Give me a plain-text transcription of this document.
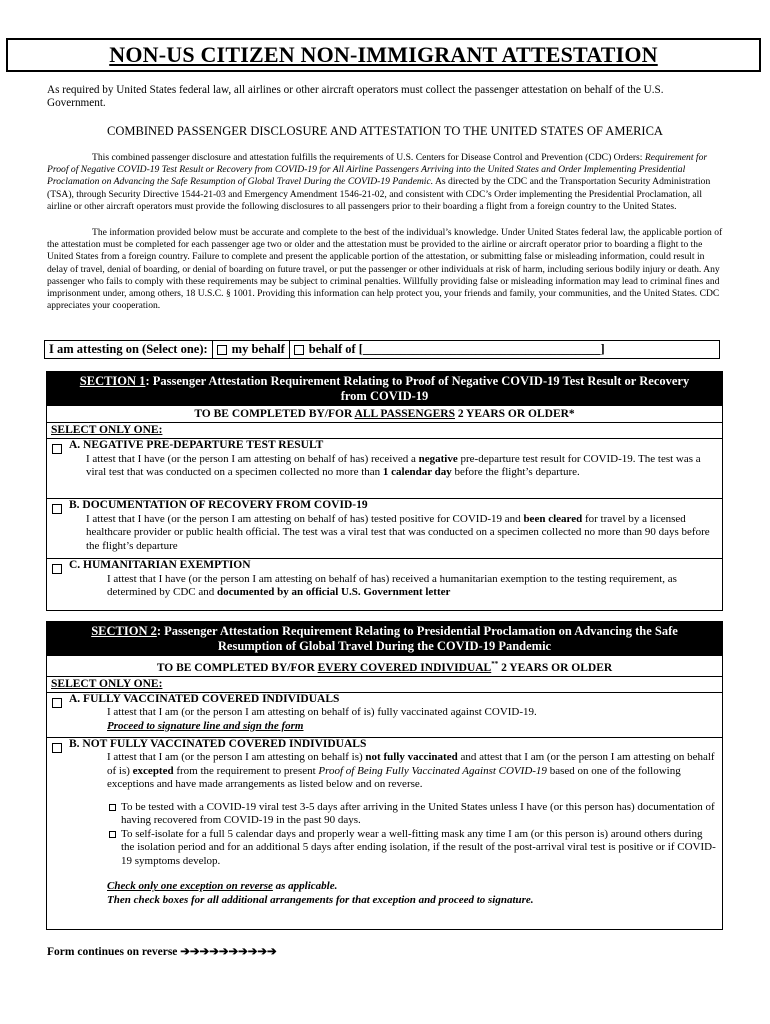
NON-US CITIZEN NON-IMMIGRANT ATTESTATION
As required by United States federal law, all airlines or other aircraft operators must collect the passenger attestation on behalf of the U.S. Government.
COMBINED PASSENGER DISCLOSURE AND ATTESTATION TO THE UNITED STATES OF AMERICA
This combined passenger disclosure and attestation fulfills the requirements of U.S. Centers for Disease Control and Prevention (CDC) Orders: Requirement for Proof of Negative COVID-19 Test Result or Recovery from COVID-19 for All Airline Passengers Arriving into the United States and Order Implementing Presidential Proclamation on Advancing the Safe Resumption of Global Travel During the COVID-19 Pandemic. As directed by the CDC and the Transportation Security Administration (TSA), through Security Directive 1544-21-03 and Emergency Amendment 1546-21-02, and consistent with CDC’s Order implementing the Presidential Proclamation, all airline or other aircraft operators must provide the following disclosures to all passengers prior to their boarding a flight from a foreign country to the United States.
The information provided below must be accurate and complete to the best of the individual’s knowledge. Under United States federal law, the applicable portion of the attestation must be completed for each passenger age two or older and the attestation must be provided to the airline or aircraft operator prior to boarding a flight to the United States from a foreign country. Failure to complete and present the applicable portion of the attestation, or submitting false or misleading information, could result in delay of travel, denial of boarding, or denial of boarding on future travel, or put the passenger or other individuals at risk of harm, including serious bodily injury or death. Any passenger who fails to comply with these requirements may be subject to criminal penalties. Willfully providing false or misleading information may lead to criminal fines and imprisonment under, among others, 18 U.S.C. § 1001. Providing this information can help protect you, your friends and family, your communities, and the United States. CDC appreciates your cooperation.
I am attesting on (Select one):	my behalf behalf of [______________________________________]
SECTION 1: Passenger Attestation Requirement Relating to Proof of Negative COVID-19 Test Result or Recovery from COVID-19
TO BE COMPLETED BY/FOR ALL PASSENGERS 2 YEARS OR OLDER*
SELECT ONLY ONE:
A. NEGATIVE PRE-DEPARTURE TEST RESULT
I attest that I have (or the person I am attesting on behalf of has) received a negative pre-departure test result for COVID-19. The test was a viral test that was conducted on a specimen collected no more than 1 calendar day before the flight’s departure.
B. DOCUMENTATION OF RECOVERY FROM COVID-19
I attest that I have (or the person I am attesting on behalf of has) tested positive for COVID-19 and been cleared for travel by a licensed healthcare provider or public health official. The test was a viral test that was conducted on a specimen collected no more than 90 days before the flight’s departure
C. HUMANITARIAN EXEMPTION
I attest that I have (or the person I am attesting on behalf of has) received a humanitarian exemption to the testing requirement, as determined by CDC and documented by an official U.S. Government letter
SECTION 2: Passenger Attestation Requirement Relating to Presidential Proclamation on Advancing the Safe Resumption of Global Travel During the COVID-19 Pandemic
TO BE COMPLETED BY/FOR EVERY COVERED INDIVIDUAL** 2 YEARS OR OLDER
SELECT ONLY ONE:
A. FULLY VACCINATED COVERED INDIVIDUALS
I attest that I am (or the person I am attesting on behalf of is) fully vaccinated against COVID-19.
Proceed to signature line and sign the form
B. NOT FULLY VACCINATED COVERED INDIVIDUALS
I attest that I am (or the person I am attesting on behalf is) not fully vaccinated and attest that I am (or the person I am attesting on behalf of is) excepted from the requirement to present Proof of Being Fully Vaccinated Against COVID-19 based on one of the following exceptions and have made arrangements as listed below and on reverse.
To be tested with a COVID-19 viral test 3-5 days after arriving in the United States unless I have (or this person has) documentation of having recovered from COVID-19 in the past 90 days.
To self-isolate for a full 5 calendar days and properly wear a well-fitting mask any time I am (or this person is) around others during the isolation period and for an additional 5 days after ending isolation, if the result of the post-arrival viral test is positive or if COVID-19 symptoms develop.
Check only one exception on reverse as applicable.
Then check boxes for all additional arrangements for that exception and proceed to signature.
Form continues on reverse ➔➔➔➔➔➔➔➔➔➔
